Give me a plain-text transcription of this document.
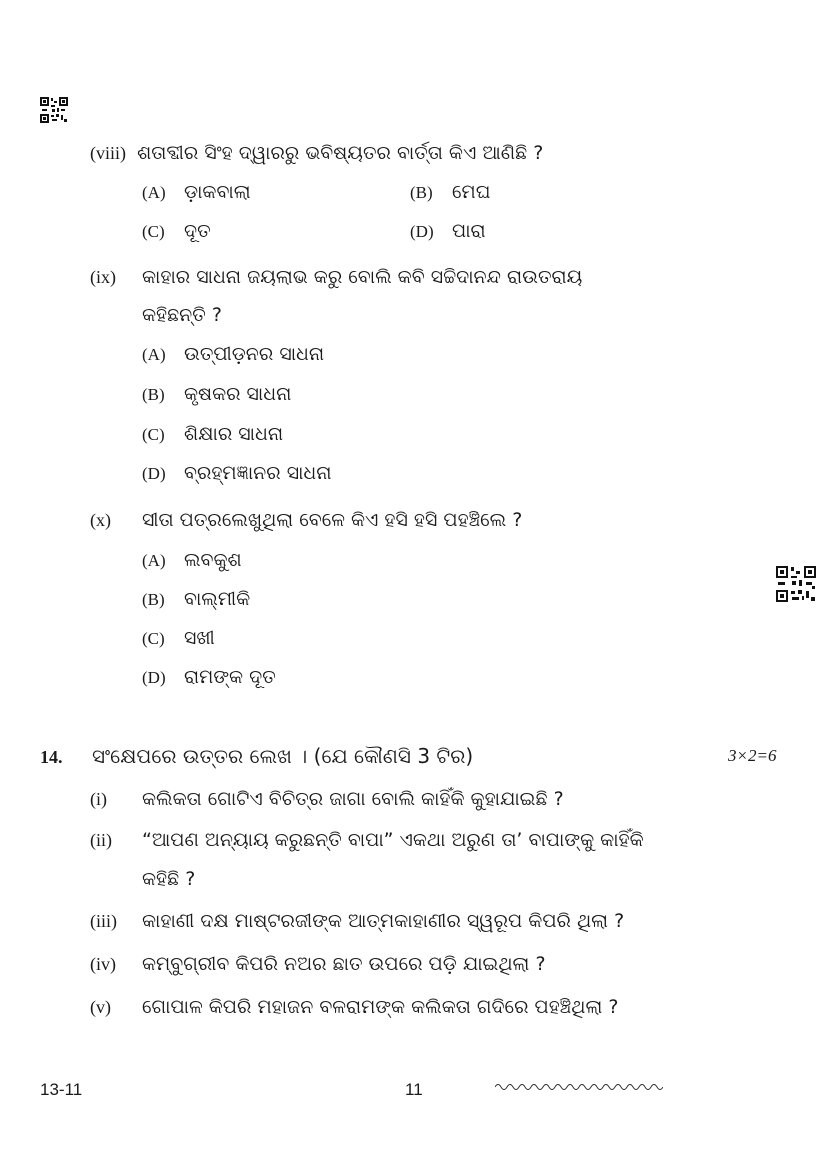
(viii) ଶତାବ୍ଦୀର ସିଂହ ଦ୍ୱାରରୁ ଭବିଷ୍ୟତର ବାର୍ତ୍ତା କିଏ ଆଣିଛି ?
(A) ଡ଼ାକବାଲା	(B) ମେଘ
(C) ଦୂତ	(D) ପାରା
(ix) କାହାର ସାଧନା ଜୟଲାଭ କରୁ ବୋଲି କବି ସଚ୍ଚିଦାନନ୍ଦ ରାଉତରାୟ
କହିଛନ୍ତି ?
(A) ଉତ୍ପୀଡ଼ନର ସାଧନା
(B) କୃଷକର ସାଧନା
(C) ଶିକ୍ଷାର ସାଧନା
(D) ବ୍ରହ୍ମଜ୍ଞାନର ସାଧନା
(x) ସୀତା ପତ୍ରଲେଖୁଥିଲା ବେଳେ କିଏ ହସି ହସି ପହଞ୍ଚିଲେ ?
(A) ଲବକୁଶ
(B) ବାଲ୍ମୀକି
(C) ସଖୀ
(D) ରାମଙ୍କ ଦୂତ
14. ସଂକ୍ଷେପରେ ଉତ୍ତର ଲେଖ । (ଯେ କୌଣସି 3 ଟିର)	3×2=6
(i) କଲିକତା ଗୋଟିଏ ବିଚିତ୍ର ଜାଗା ବୋଲି କାହିଁକି କୁହାଯାଇଛି ?
(ii) “ଆପଣ ଅନ୍ୟାୟ କରୁଛନ୍ତି ବାପା” ଏକଥା ଅରୁଣ ତା’ ବାପାଙ୍କୁ କାହିଁକି
କହିଛି ?
(iii) କାହାଣୀ ଦକ୍ଷ ମାଷ୍ଟରଜୀଙ୍କ ଆତ୍ମକାହାଣୀର ସ୍ୱରୂପ କିପରି ଥିଲା ?
(iv) କମ୍ବୁଗ୍ରୀବ କିପରି ନଅର ଛାତ ଉପରେ ପଡ଼ି ଯାଇଥିଲା ?
(v) ଗୋପାଳ କିପରି ମହାଜନ ବଳରାମଙ୍କ କଲିକତା ଗଦିରେ ପହଞ୍ଚିଥିଲା ?
13-11	11
